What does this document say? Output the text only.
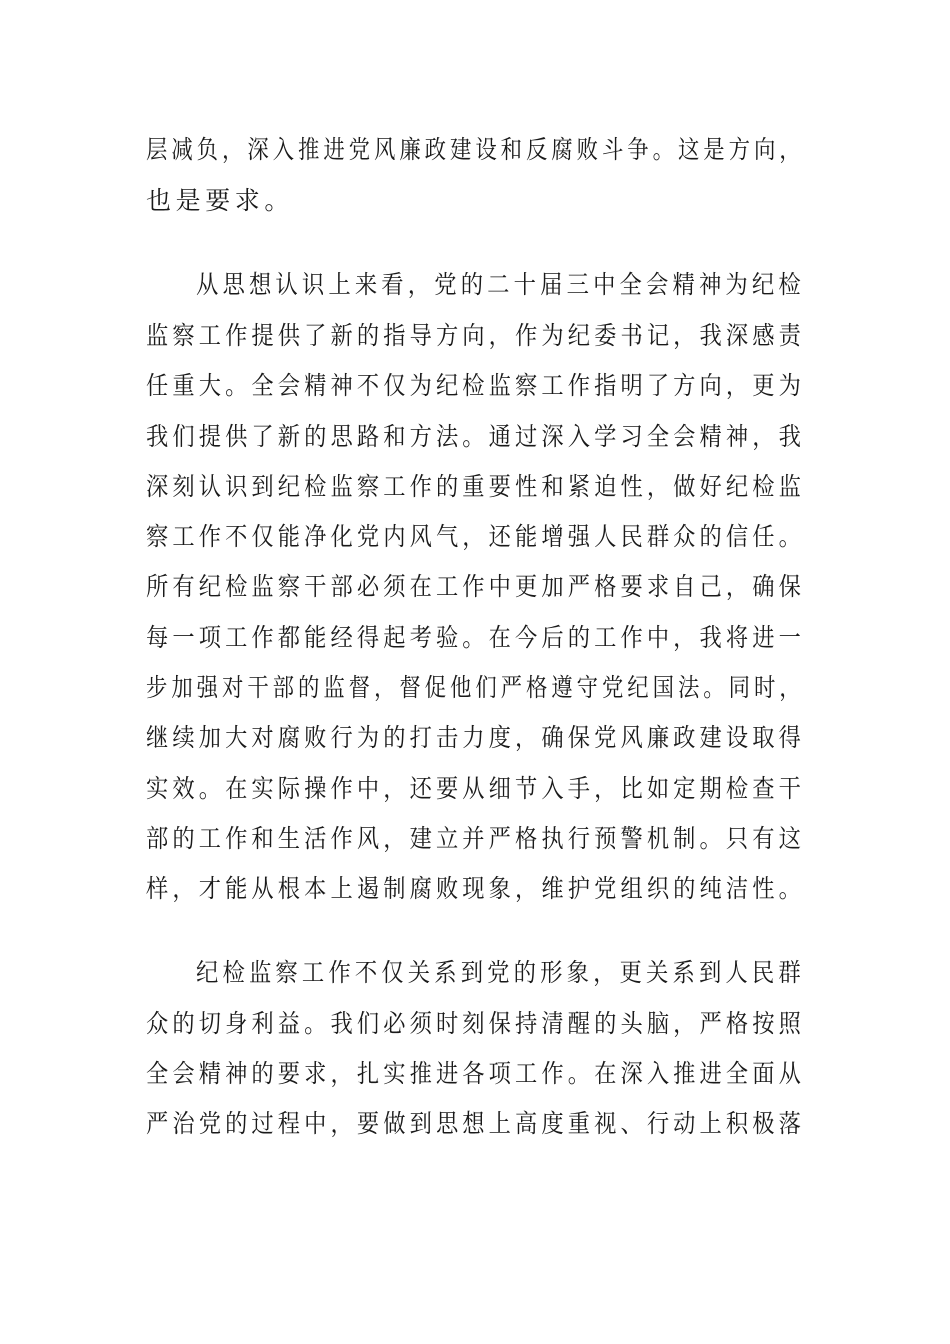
层减负，深入推进党风廉政建设和反腐败斗争。这是方向，
也是要求。
从思想认识上来看，党的二十届三中全会精神为纪检
监察工作提供了新的指导方向，作为纪委书记，我深感责
任重大。全会精神不仅为纪检监察工作指明了方向，更为
我们提供了新的思路和方法。通过深入学习全会精神，我
深刻认识到纪检监察工作的重要性和紧迫性，做好纪检监
察工作不仅能净化党内风气，还能增强人民群众的信任。
所有纪检监察干部必须在工作中更加严格要求自己，确保
每一项工作都能经得起考验。在今后的工作中，我将进一
步加强对干部的监督，督促他们严格遵守党纪国法。同时，
继续加大对腐败行为的打击力度，确保党风廉政建设取得
实效。在实际操作中，还要从细节入手，比如定期检查干
部的工作和生活作风，建立并严格执行预警机制。只有这
样，才能从根本上遏制腐败现象，维护党组织的纯洁性。
纪检监察工作不仅关系到党的形象，更关系到人民群
众的切身利益。我们必须时刻保持清醒的头脑，严格按照
全会精神的要求，扎实推进各项工作。在深入推进全面从
严治党的过程中，要做到思想上高度重视、行动上积极落
